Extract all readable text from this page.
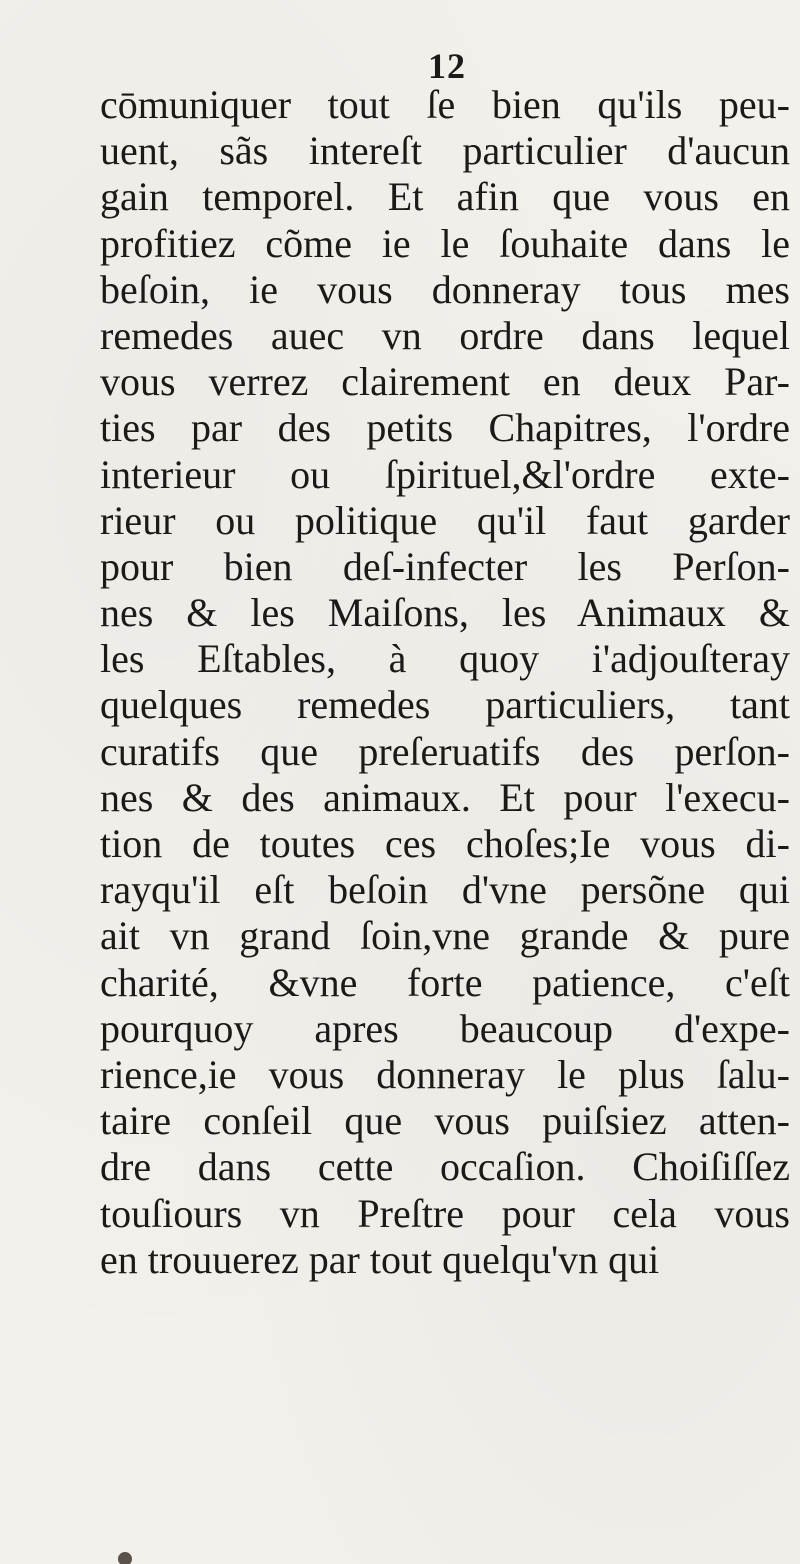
12

cōmuniquer tout ſe bien qu'ils peu-
uent, sãs intereſt particulier d'aucun
gain temporel. Et afin que vous en
profitiez cõme ie le ſouhaite dans le
beſoin, ie vous donneray tous mes
remedes auec vn ordre dans lequel
vous verrez clairement en deux Par-
ties par des petits Chapitres, l'ordre
interieur ou ſpirituel,&l'ordre exte-
rieur ou politique qu'il faut garder
pour bien deſ-infecter les Perſon-
nes & les Maiſons, les Animaux &
les Eſtables, à quoy i'adjouſteray
quelques remedes particuliers, tant
curatifs que preſeruatifs des perſon-
nes & des animaux. Et pour l'execu-
tion de toutes ces choſes;Ie vous di-
rayqu'il eſt beſoin d'vne persõne qui
ait vn grand ſoin,vne grande & pure
charité, &vne forte patience, c'eſt
pourquoy apres beaucoup d'expe-
rience,ie vous donneray le plus ſalu-
taire conſeil que vous puiſsiez atten-
dre dans cette occaſion. Choiſiſſez
touſiours vn Preſtre pour cela vous
en trouuerez par tout quelqu'vn qui
